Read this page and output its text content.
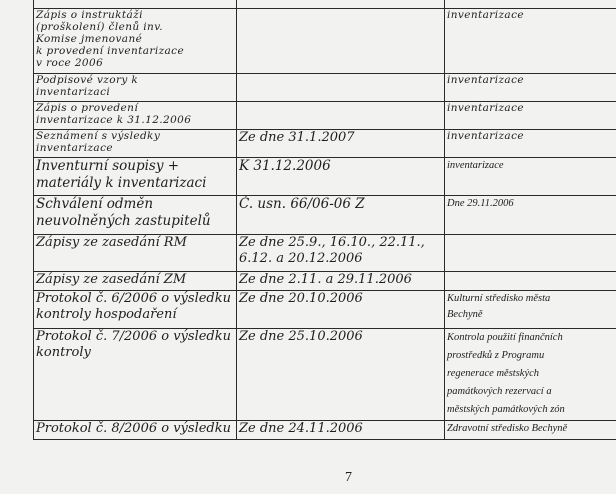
Zápis o instruktáži
(proškolení) členů inv.
Komise jmenované
k provedení inventarizace
v roce 2006		inventarizace
Podpisové vzory k
inventarizaci		inventarizace
Zápis o provedení
inventarizace k 31.12.2006		inventarizace
Seznámení s výsledky
inventarizace	Ze dne 31.1.2007	inventarizace
Inventurní soupisy +
materiály k inventarizaci	K 31.12.2006	inventarizace
Schválení odměn
neuvolněných zastupitelů	Č. usn. 66/06-06 Z	Dne 29.11.2006
Zápisy ze zasedání RM	Ze dne 25.9., 16.10., 22.11.,
6.12. a 20.12.2006	
Zápisy ze zasedání ZM	Ze dne 2.11. a 29.11.2006	
Protokol č. 6/2006 o výsledku
kontroly hospodaření	Ze dne 20.10.2006	Kulturní středisko města
Bechyně
Protokol č. 7/2006 o výsledku
kontroly	Ze dne 25.10.2006	Kontrola použití finančních
prostředků z Programu
regenerace městských
památkových rezervací a
městských památkových zón
Protokol č. 8/2006 o výsledku	Ze dne 24.11.2006	Zdravotní středisko Bechyně
7
